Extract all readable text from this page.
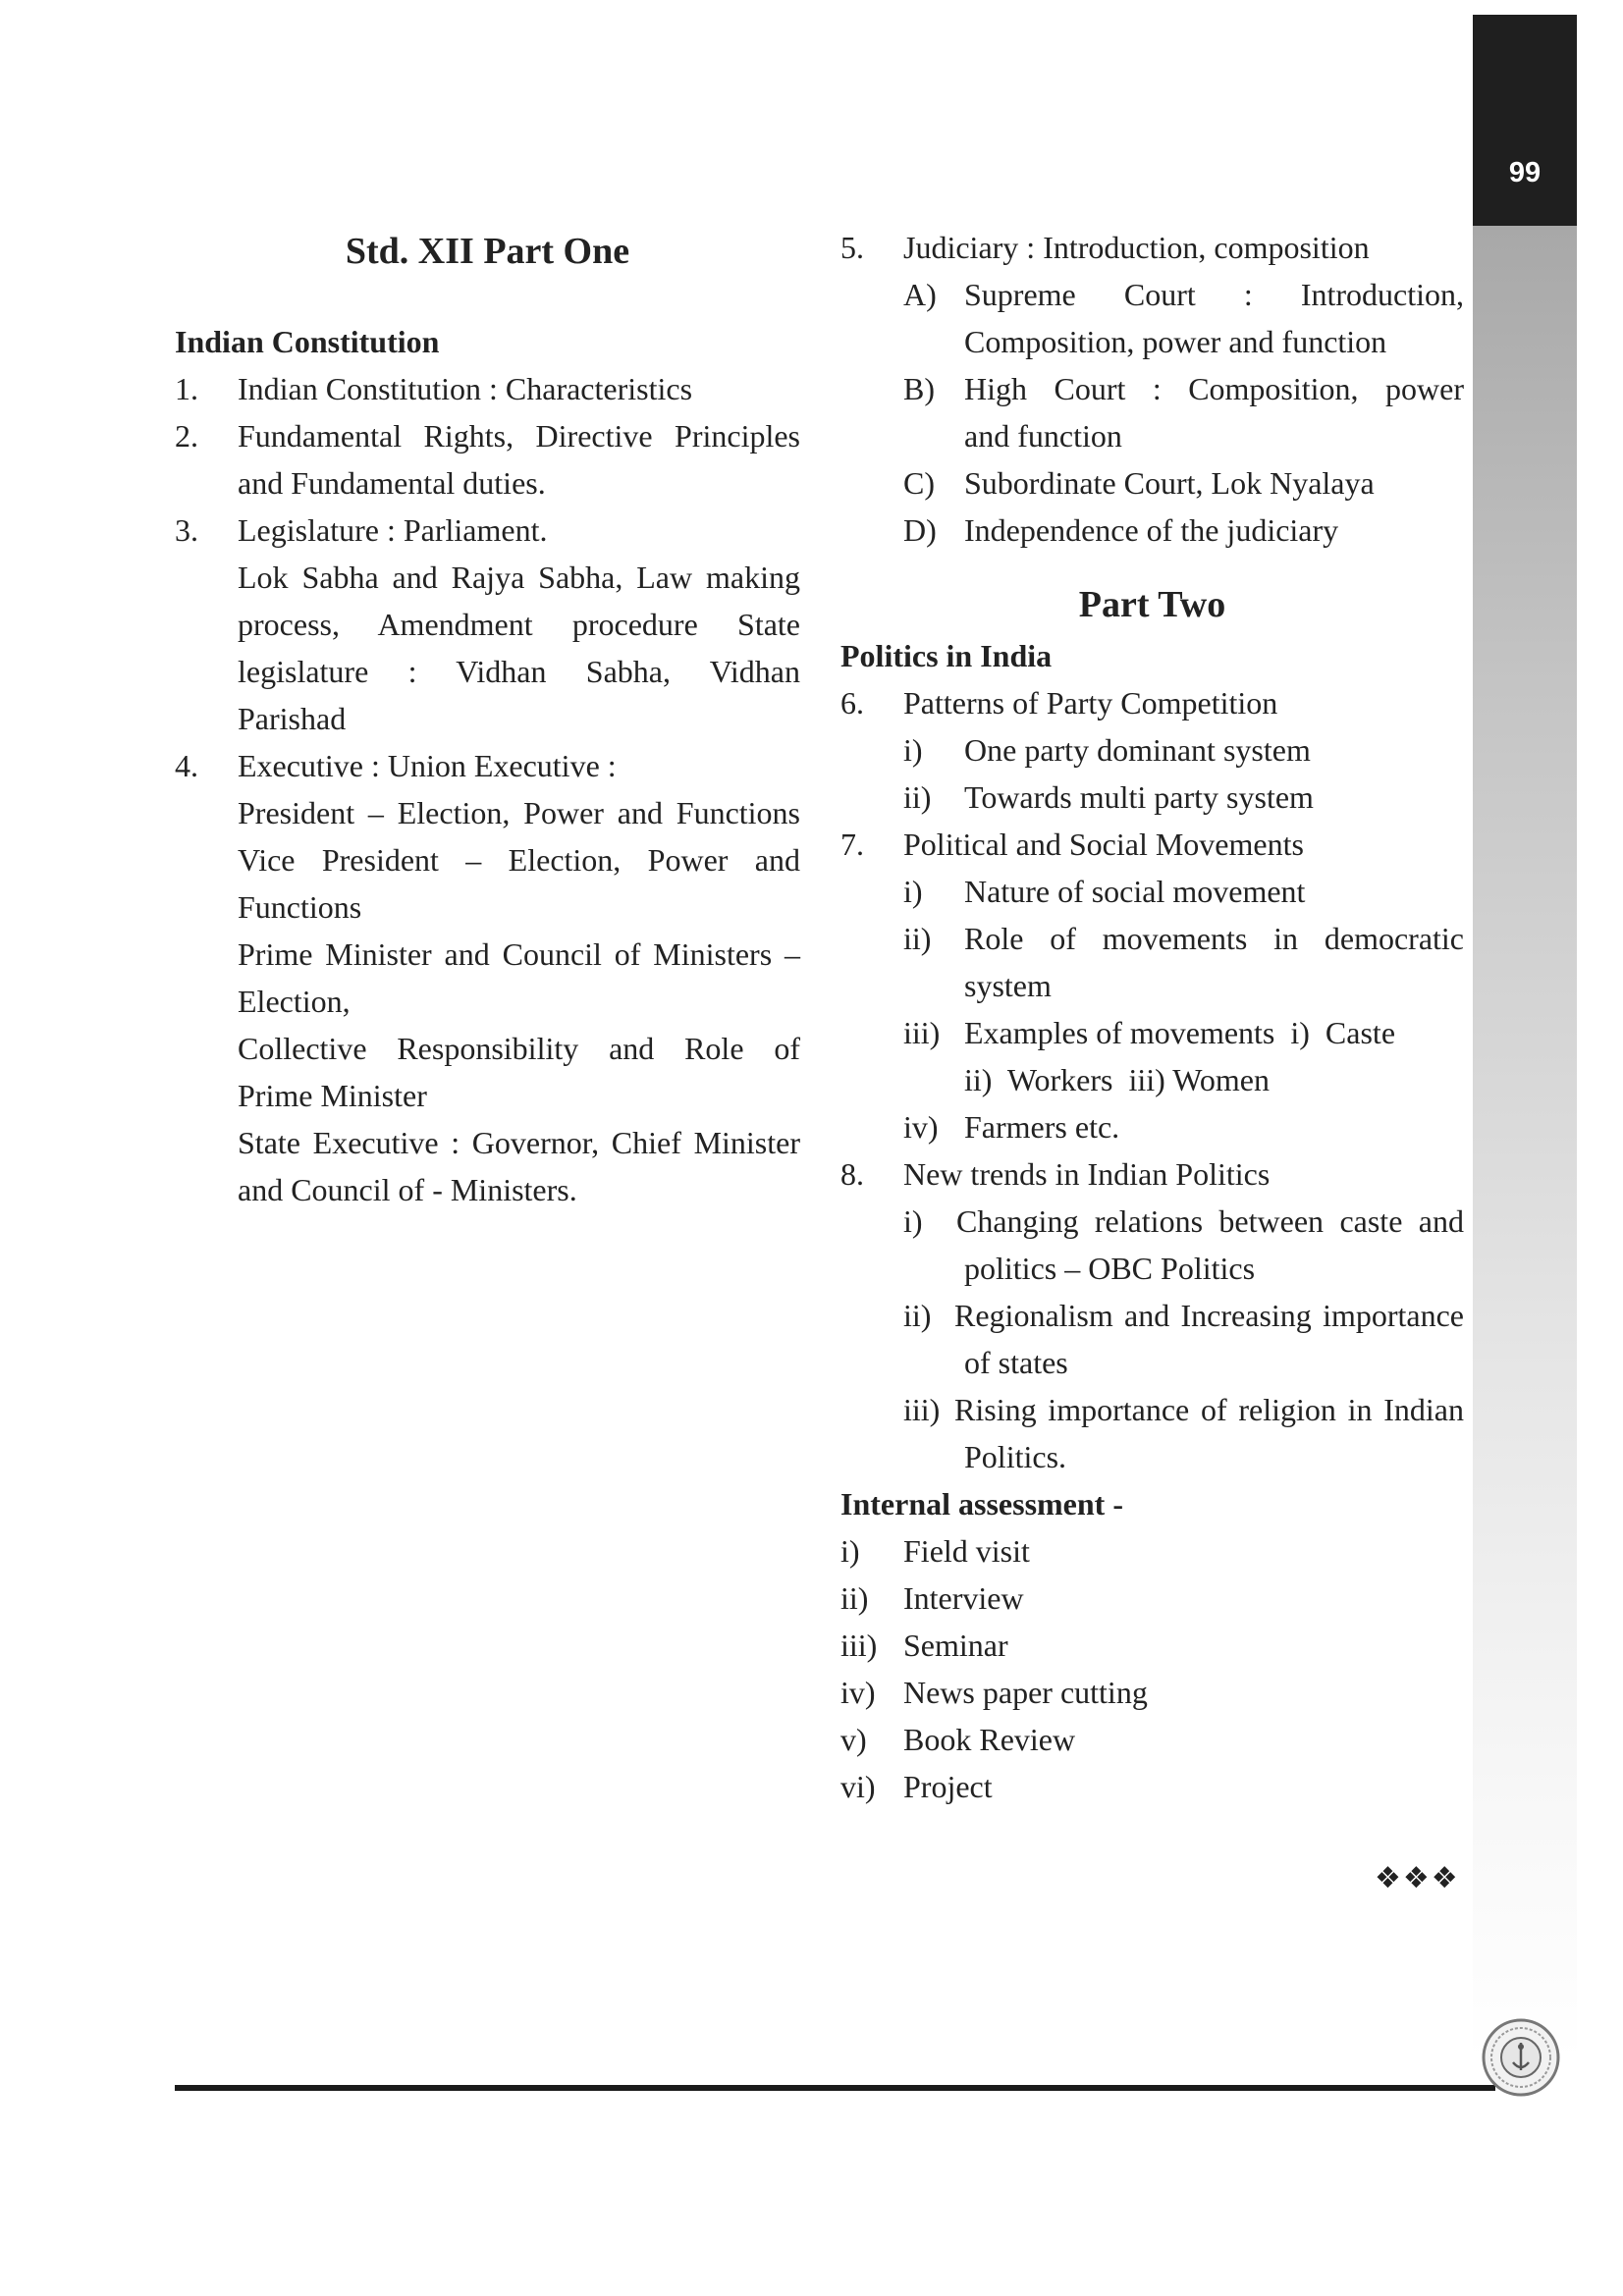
99
Std. XII Part One
Indian Constitution
1. Indian Constitution : Characteristics
2. Fundamental Rights, Directive Principles
and Fundamental duties.
3. Legislature : Parliament.
Lok Sabha and Rajya Sabha, Law making
process, Amendment procedure State
legislature : Vidhan Sabha, Vidhan
Parishad
4. Executive : Union Executive :
President – Election, Power and Functions
Vice President – Election, Power and
Functions
Prime Minister and Council of Ministers –
Election,
Collective Responsibility and Role of
Prime Minister
State Executive : Governor, Chief Minister
and Council of - Ministers.
5. Judiciary : Introduction, composition
A) Supreme Court : Introduction,
Composition, power and function
B) High Court : Composition, power
and function
C) Subordinate Court, Lok Nyalaya
D) Independence of the judiciary
Part Two
Politics in India
6. Patterns of Party Competition
i) One party dominant system
ii) Towards multi party system
7. Political and Social Movements
i) Nature of social movement
ii) Role of movements in democratic
system
iii) Examples of movements  i)  Caste
ii)  Workers  iii) Women
iv) Farmers etc.
8. New trends in Indian Politics
i) Changing relations between caste and
politics – OBC Politics
ii) Regionalism and Increasing importance
of states
iii) Rising importance of religion in Indian
Politics.
Internal assessment -
i) Field visit
ii) Interview
iii) Seminar
iv) News paper cutting
v) Book Review
vi) Project
❖❖❖
